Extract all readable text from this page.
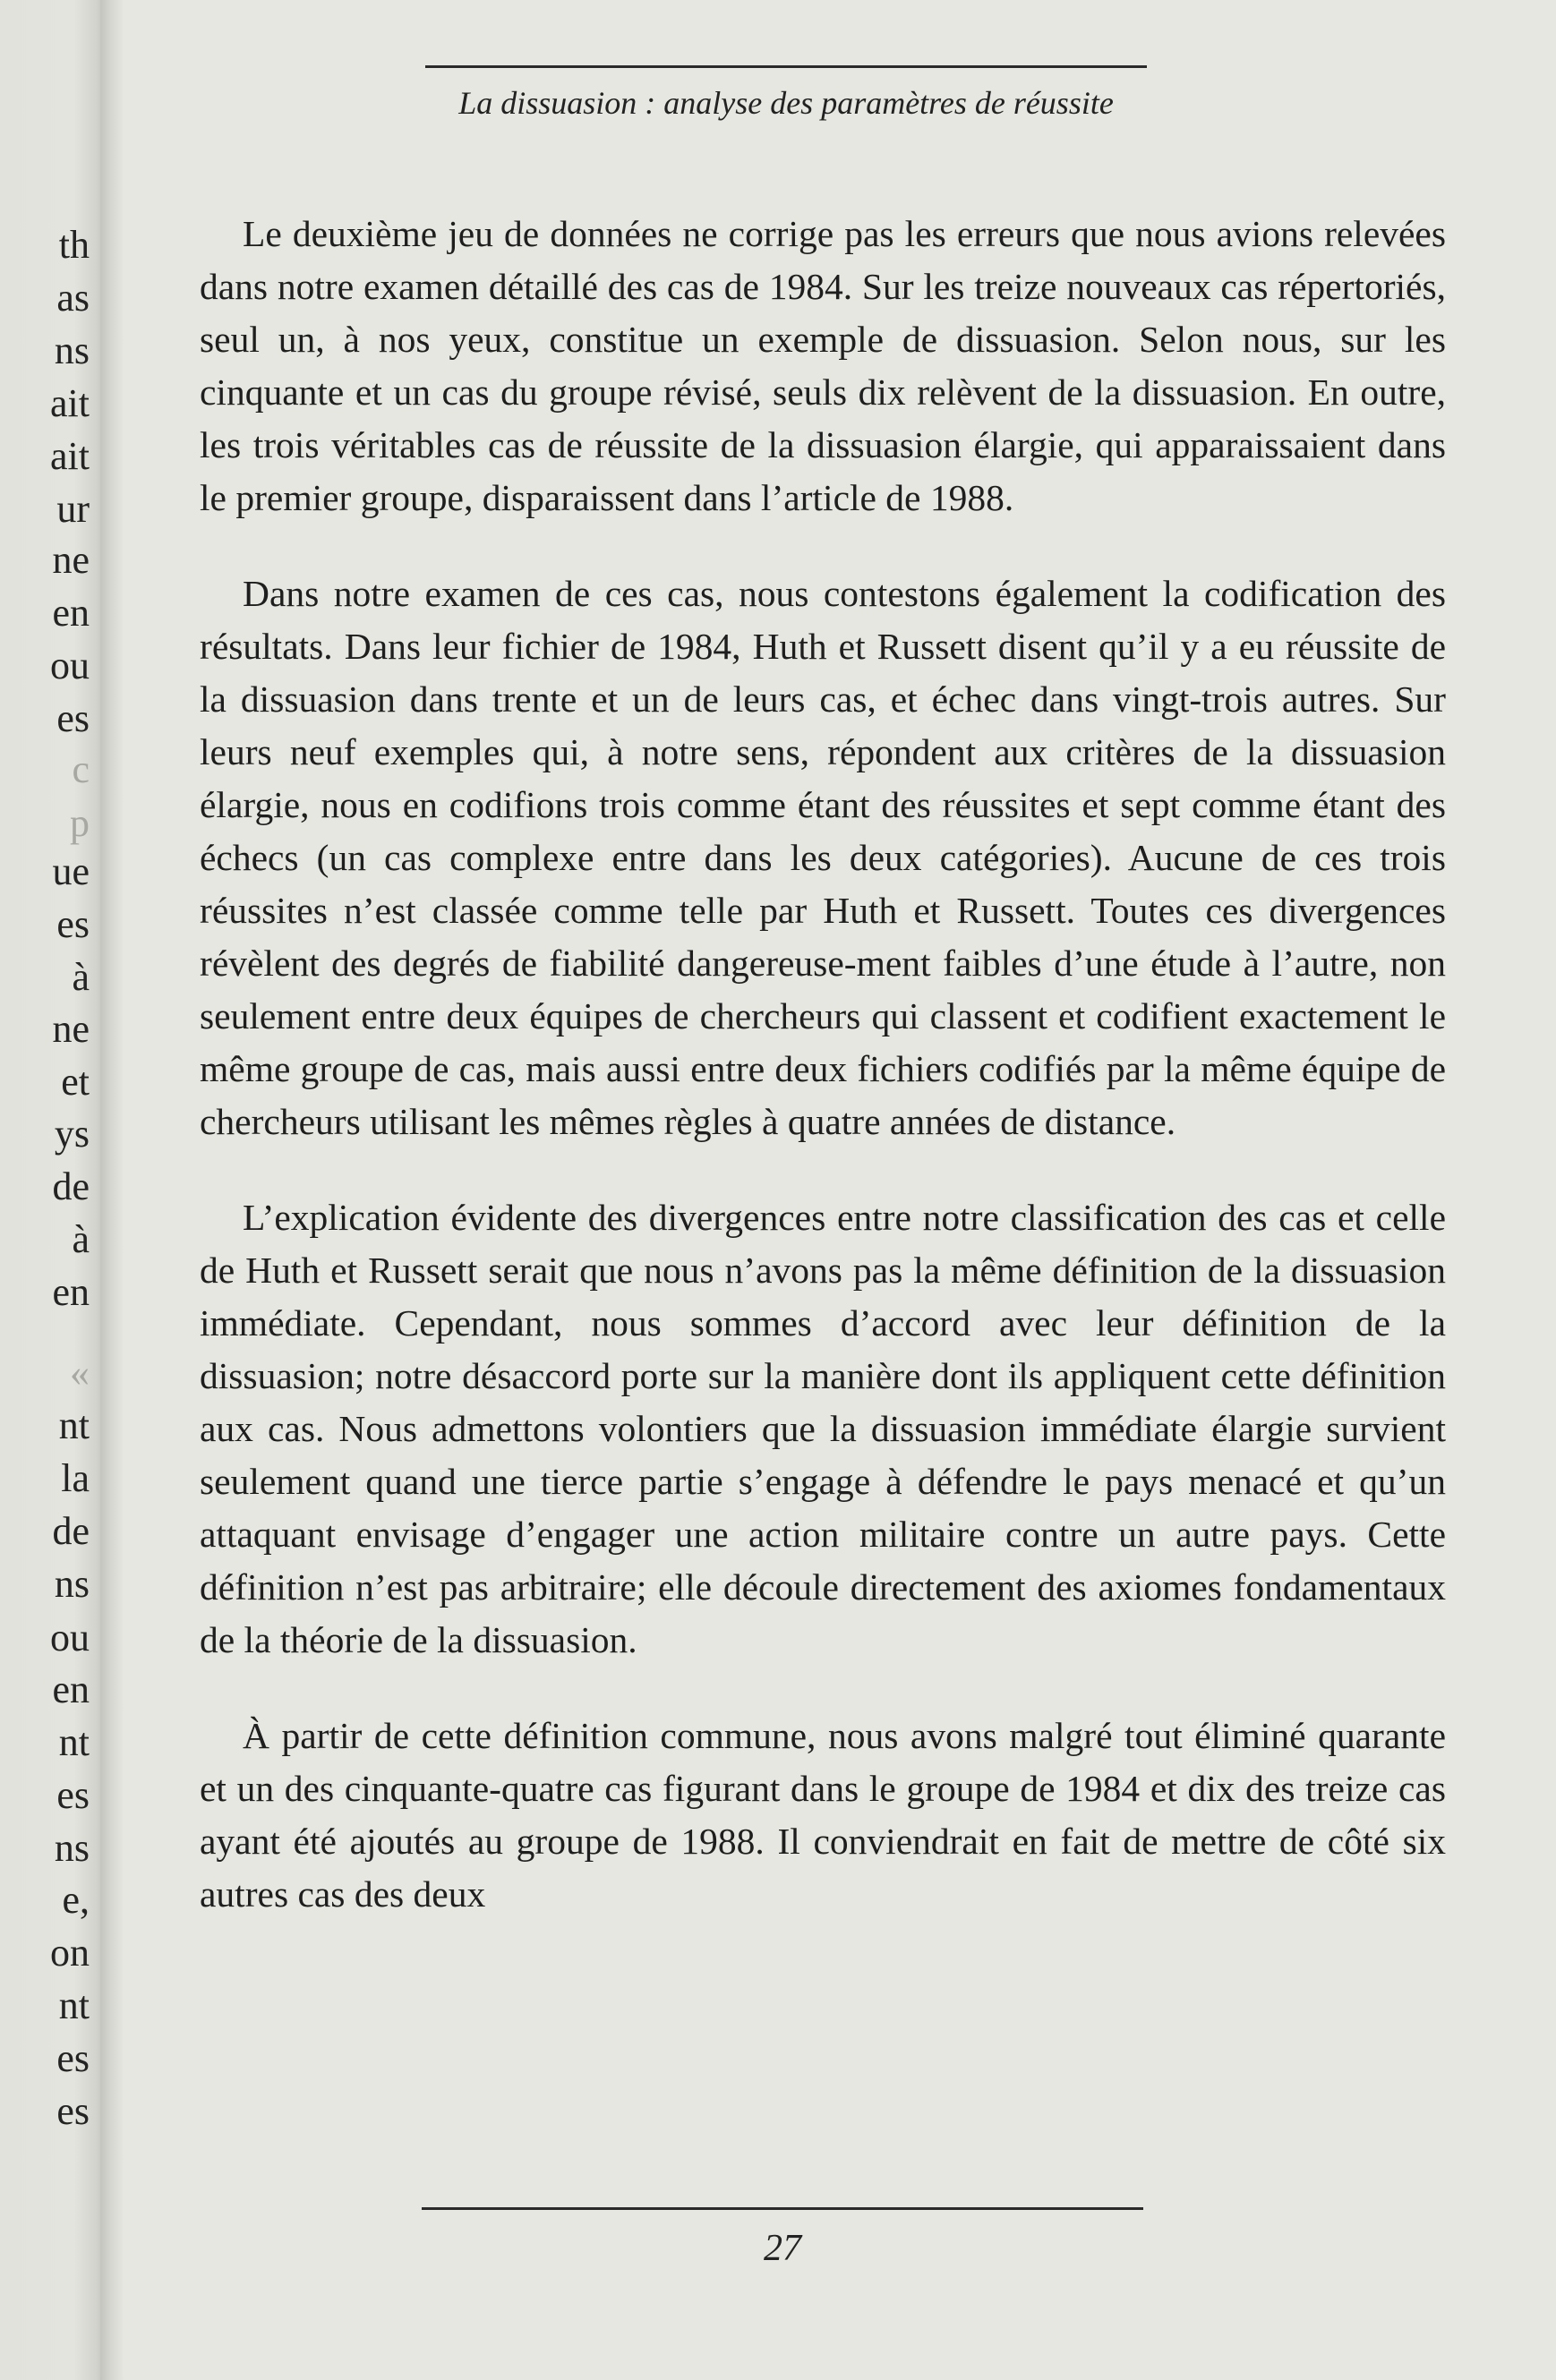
th
as
ns
ait
ait
ur
ne
en
ou
es
c
p
ue
es
à
ne
et
ys
de
à
en
«
nt
la
de
ns
ou
en
nt
es
ns
e,
on
nt
es
es
La dissuasion : analyse des paramètres de réussite

Le deuxième jeu de données ne corrige pas les erreurs que nous avions relevées dans notre examen détaillé des cas de 1984. Sur les treize nouveaux cas répertoriés, seul un, à nos yeux, constitue un exemple de dissuasion. Selon nous, sur les cinquante et un cas du groupe révisé, seuls dix relèvent de la dissuasion. En outre, les trois véritables cas de réussite de la dissuasion élargie, qui apparaissaient dans le premier groupe, disparaissent dans l’article de 1988.

Dans notre examen de ces cas, nous contestons également la codification des résultats. Dans leur fichier de 1984, Huth et Russett disent qu’il y a eu réussite de la dissuasion dans trente et un de leurs cas, et échec dans vingt-trois autres. Sur leurs neuf exemples qui, à notre sens, répondent aux critères de la dissuasion élargie, nous en codifions trois comme étant des réussites et sept comme étant des échecs (un cas complexe entre dans les deux catégories). Aucune de ces trois réussites n’est classée comme telle par Huth et Russett. Toutes ces divergences révèlent des degrés de fiabilité dangereuse-ment faibles d’une étude à l’autre, non seulement entre deux équipes de chercheurs qui classent et codifient exactement le même groupe de cas, mais aussi entre deux fichiers codifiés par la même équipe de chercheurs utilisant les mêmes règles à quatre années de distance.

L’explication évidente des divergences entre notre classification des cas et celle de Huth et Russett serait que nous n’avons pas la même définition de la dissuasion immédiate. Cependant, nous sommes d’accord avec leur définition de la dissuasion; notre désaccord porte sur la manière dont ils appliquent cette définition aux cas. Nous admettons volontiers que la dissuasion immédiate élargie survient seulement quand une tierce partie s’engage à défendre le pays menacé et qu’un attaquant envisage d’engager une action militaire contre un autre pays. Cette définition n’est pas arbitraire; elle découle directement des axiomes fondamentaux de la théorie de la dissuasion.

À partir de cette définition commune, nous avons malgré tout éliminé quarante et un des cinquante-quatre cas figurant dans le groupe de 1984 et dix des treize cas ayant été ajoutés au groupe de 1988. Il conviendrait en fait de mettre de côté six autres cas des deux

27
